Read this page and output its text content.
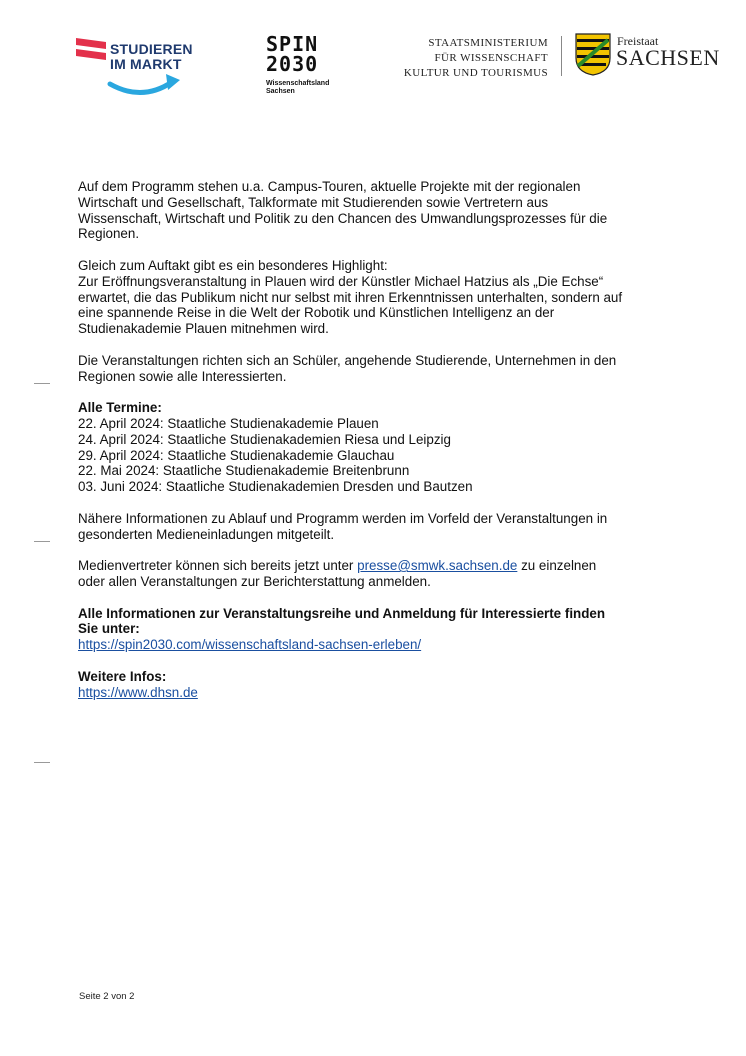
STUDIEREN
IM MARKT
SPIN
2030
Wissenschaftsland
Sachsen
STAATSMINISTERIUM
FÜR WISSENSCHAFT
KULTUR UND TOURISMUS
Freistaat
SACHSEN

Auf dem Programm stehen u.a. Campus-Touren, aktuelle Projekte mit der regionalen Wirtschaft und Gesellschaft, Talkformate mit Studierenden sowie Vertretern aus Wissenschaft, Wirtschaft und Politik zu den Chancen des Umwandlungsprozesses für die Regionen.

Gleich zum Auftakt gibt es ein besonderes Highlight:
Zur Eröffnungsveranstaltung in Plauen wird der Künstler Michael Hatzius als „Die Echse“ erwartet, die das Publikum nicht nur selbst mit ihren Erkenntnissen unterhalten, sondern auf eine spannende Reise in die Welt der Robotik und Künstlichen Intelligenz an der Studienakademie Plauen mitnehmen wird.

Die Veranstaltungen richten sich an Schüler, angehende Studierende, Unternehmen in den Regionen sowie alle Interessierten.

Alle Termine:
22. April 2024: Staatliche Studienakademie Plauen
24. April 2024: Staatliche Studienakademien Riesa und Leipzig
29. April 2024: Staatliche Studienakademie Glauchau
22. Mai 2024: Staatliche Studienakademie Breitenbrunn
03. Juni 2024: Staatliche Studienakademien Dresden und Bautzen

Nähere Informationen zu Ablauf und Programm werden im Vorfeld der Veranstaltungen in gesonderten Medieneinladungen mitgeteilt.

Medienvertreter können sich bereits jetzt unter presse@smwk.sachsen.de zu einzelnen oder allen Veranstaltungen zur Berichterstattung anmelden.

Alle Informationen zur Veranstaltungsreihe und Anmeldung für Interessierte finden Sie unter:
https://spin2030.com/wissenschaftsland-sachsen-erleben/

Weitere Infos:
https://www.dhsn.de

Seite 2 von 2
